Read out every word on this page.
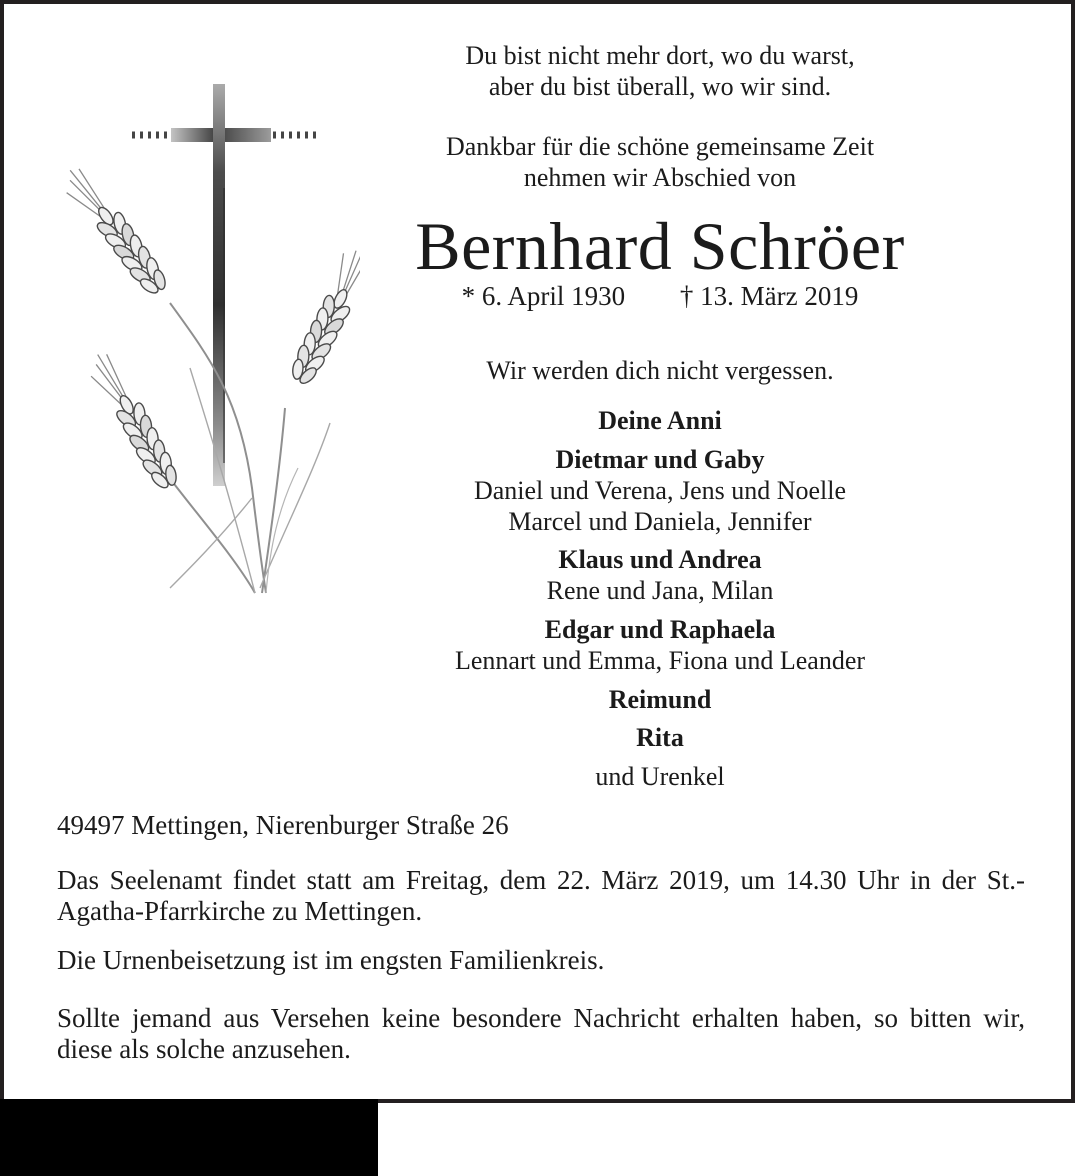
Du bist nicht mehr dort, wo du warst,
aber du bist überall, wo wir sind.
Dankbar für die schöne gemeinsame Zeit
nehmen wir Abschied von
Bernhard Schröer
* 6. April 1930 † 13. März 2019
Wir werden dich nicht vergessen.
Deine Anni
Dietmar und Gaby
Daniel und Verena, Jens und Noelle
Marcel und Daniela, Jennifer
Klaus und Andrea
Rene und Jana, Milan
Edgar und Raphaela
Lennart und Emma, Fiona und Leander
Reimund
Rita
und Urenkel
49497 Mettingen, Nierenburger Straße 26
Das Seelenamt findet statt am Freitag, dem 22. März 2019, um 14.30 Uhr in der St.-Agatha-Pfarrkirche zu Mettingen.
Die Urnenbeisetzung ist im engsten Familienkreis.
Sollte jemand aus Versehen keine besondere Nachricht erhalten haben, so bitten wir, diese als solche anzusehen.
